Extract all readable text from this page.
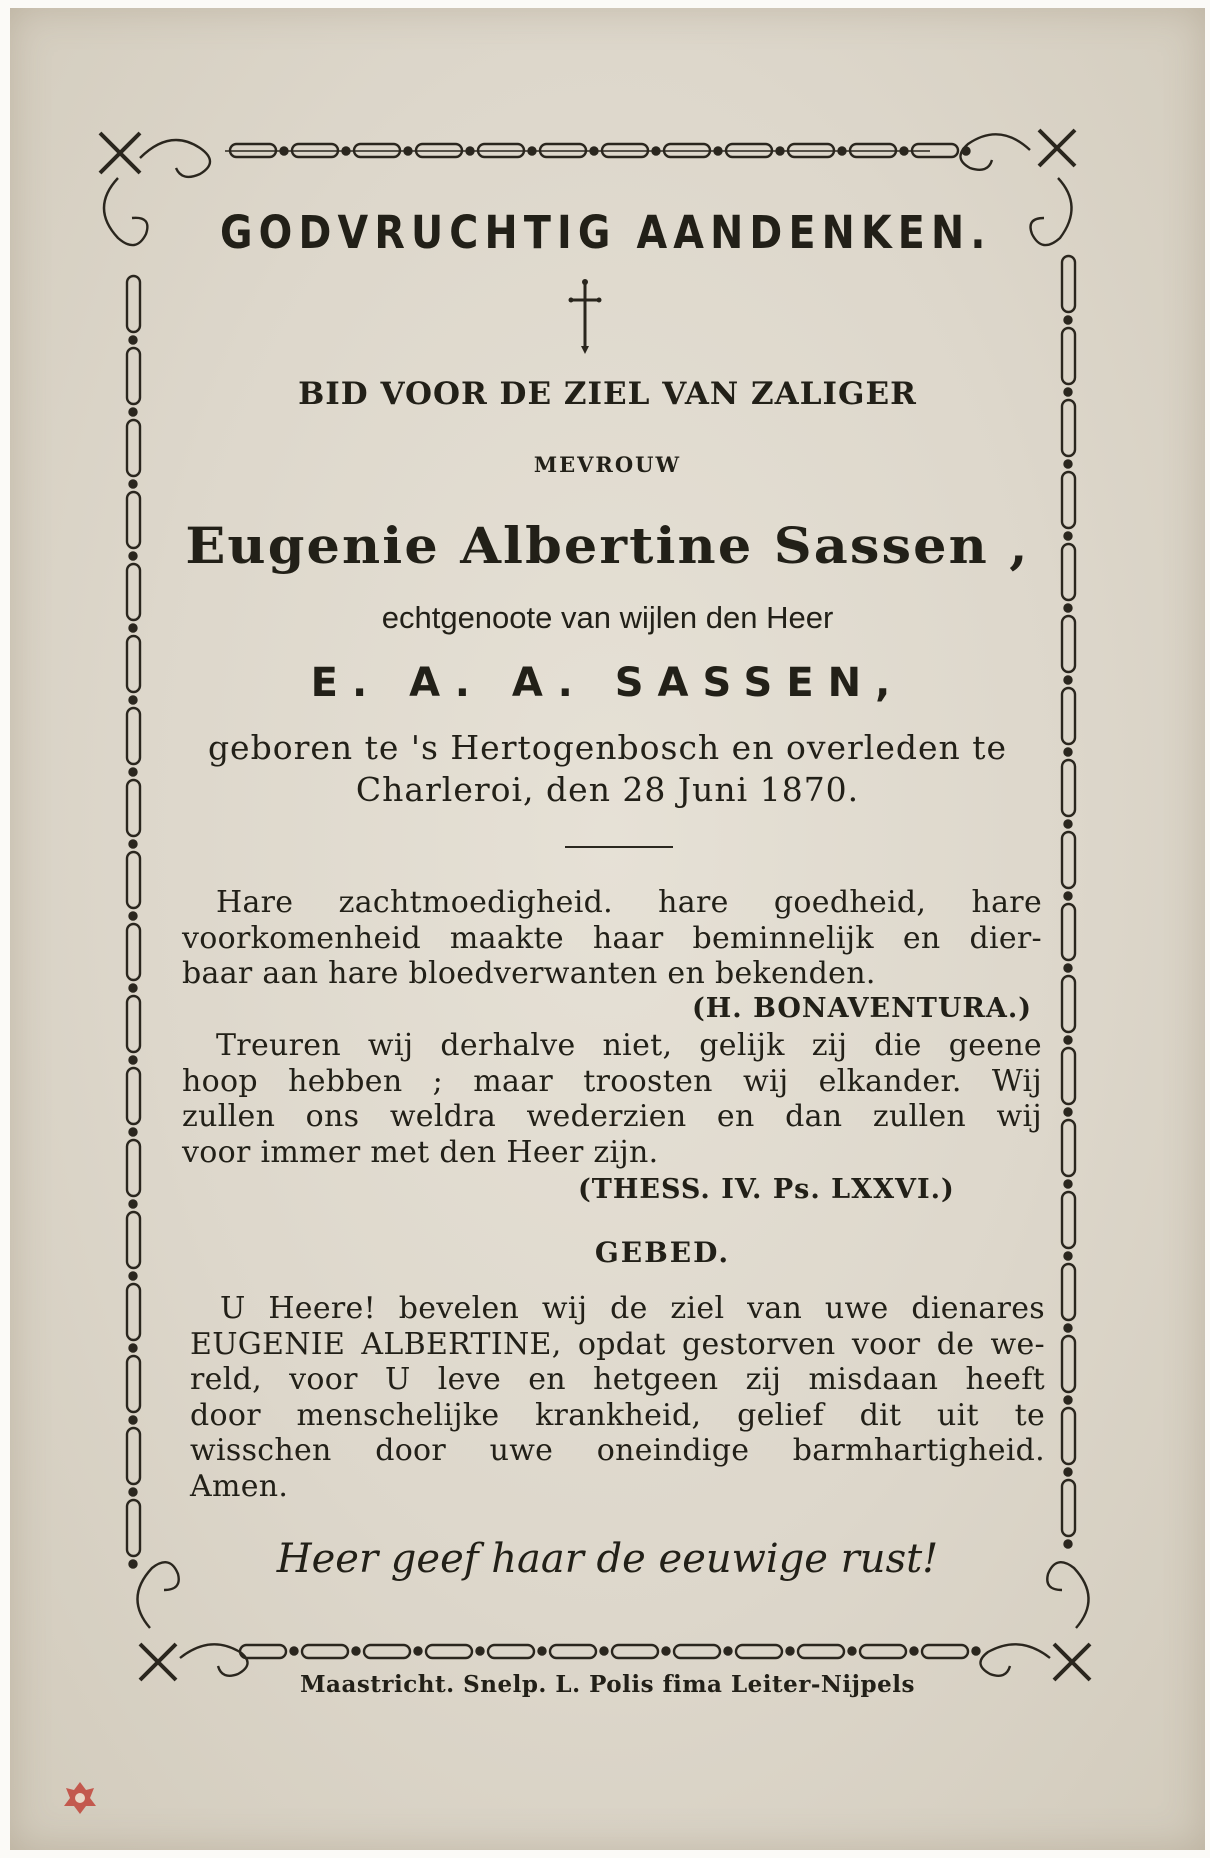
GODVRUCHTIG AANDENKEN.
BID VOOR DE ZIEL VAN ZALIGER
MEVROUW
Eugenie Albertine Sassen ,
echtgenoote van wijlen den Heer
E. A. A. SASSEN,
geboren te 's Hertogenbosch en overleden te
Charleroi, den 28 Juni 1870.
Hare zachtmoedigheid. hare goedheid, hare
voorkomenheid maakte haar beminnelijk en dier-
baar aan hare bloedverwanten en bekenden.
(H. BONAVENTURA.)
Treuren wij derhalve niet, gelijk zij die geene
hoop hebben ; maar troosten wij elkander. Wij
zullen ons weldra wederzien en dan zullen wij
voor immer met den Heer zijn.
(THESS. IV. Ps. LXXVI.)
GEBED.
U Heere! bevelen wij de ziel van uwe dienares
EUGENIE ALBERTINE, opdat gestorven voor de we-
reld, voor U leve en hetgeen zij misdaan heeft
door menschelijke krankheid, gelief dit uit te
wisschen door uwe oneindige barmhartigheid.
Amen.
Heer geef haar de eeuwige rust!
Maastricht. Snelp. L. Polis fima Leiter-Nijpels
